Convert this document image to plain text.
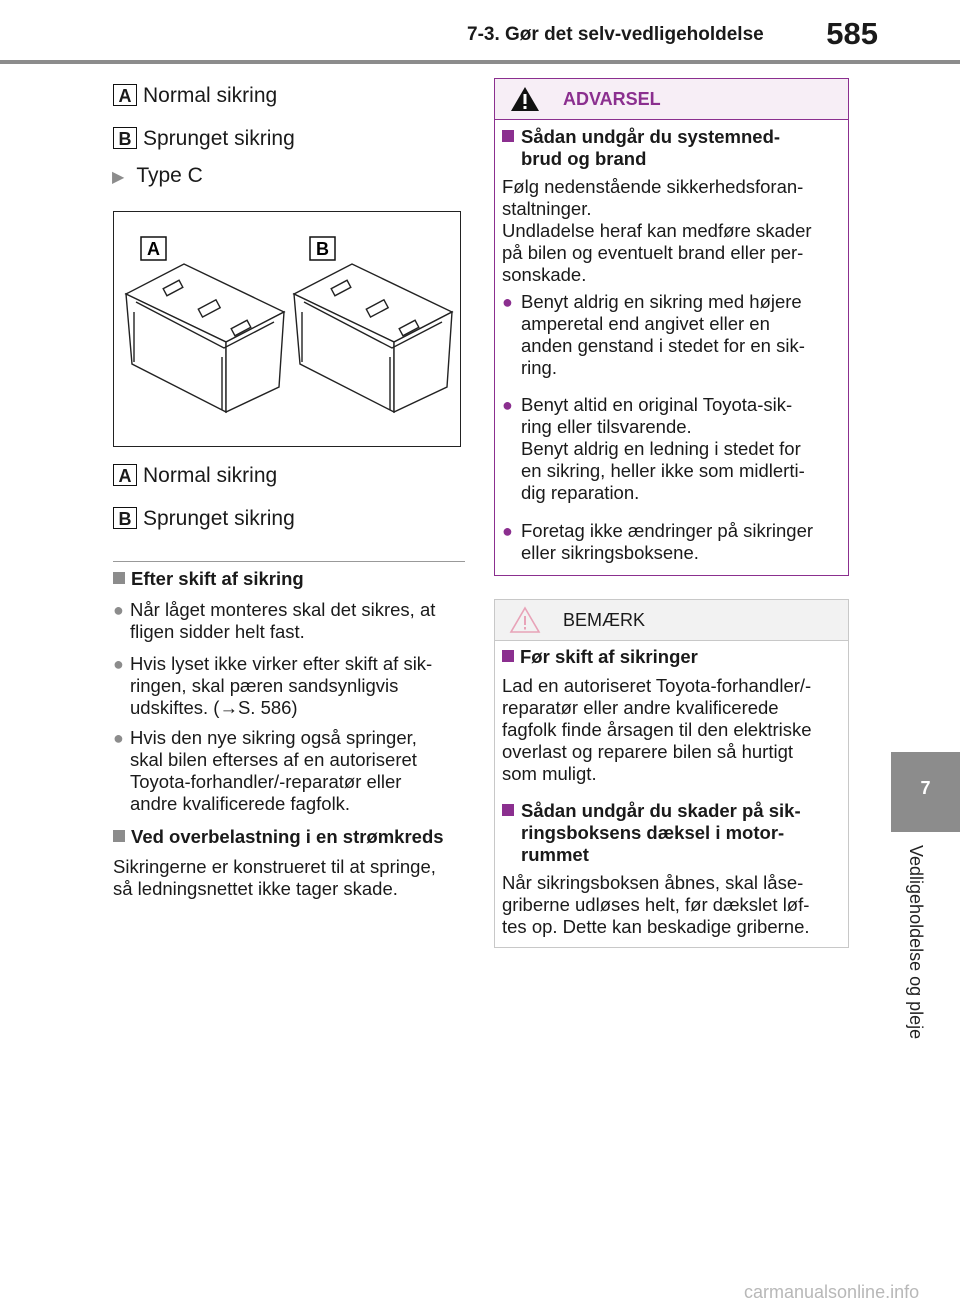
7-3. Gør det selv-vedligeholdelse 585
7
Vedligeholdelse og pleje
A Normal sikring
B Sprunget sikring
▶ Type C
A	B
A Normal sikring
B Sprunget sikring
Efter skift af sikring
● Når låget monteres skal det sikres, at
fligen sidder helt fast.
● Hvis lyset ikke virker efter skift af sik-
ringen, skal pæren sandsynligvis
udskiftes. (→S. 586)
● Hvis den nye sikring også springer,
skal bilen efterses af en autoriseret
Toyota-forhandler/-reparatør eller
andre kvalificerede fagfolk.
Ved overbelastning i en strømkreds
Sikringerne er konstrueret til at springe,
så ledningsnettet ikke tager skade.
ADVARSEL
Sådan undgår du systemned-
brud og brand
Følg nedenstående sikkerhedsforan-
staltninger.
Undladelse heraf kan medføre skader
på bilen og eventuelt brand eller per-
sonskade.
● Benyt aldrig en sikring med højere
amperetal end angivet eller en
anden genstand i stedet for en sik-
ring.
● Benyt altid en original Toyota-sik-
ring eller tilsvarende.
Benyt aldrig en ledning i stedet for
en sikring, heller ikke som midlerti-
dig reparation.
● Foretag ikke ændringer på sikringer
eller sikringsboksene.
BEMÆRK
Før skift af sikringer
Lad en autoriseret Toyota-forhandler/-
reparatør eller andre kvalificerede
fagfolk finde årsagen til den elektriske
overlast og reparere bilen så hurtigt
som muligt.
Sådan undgår du skader på sik-
ringsboksens dæksel i motor-
rummet
Når sikringsboksen åbnes, skal låse-
griberne udløses helt, før dækslet løf-
tes op. Dette kan beskadige griberne.
carmanualsonline.info
